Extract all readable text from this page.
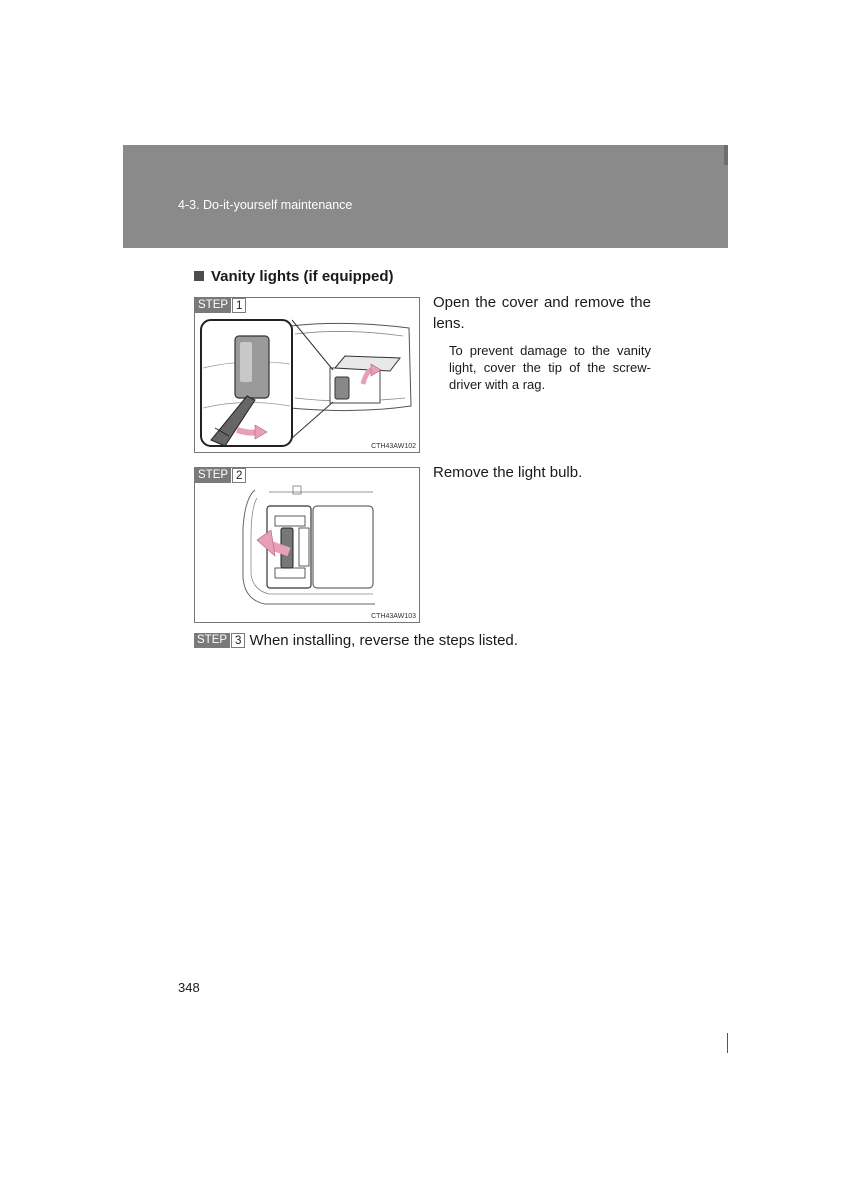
4-3. Do-it-yourself maintenance
Vanity lights (if equipped)
STEP 1
CTH43AW102
Open the cover and remove the lens.
To prevent damage to the vanity light, cover the tip of the screw-driver with a rag.
STEP 2
CTH43AW103
Remove the light bulb.
STEP 3 When installing, reverse the steps listed.
348
